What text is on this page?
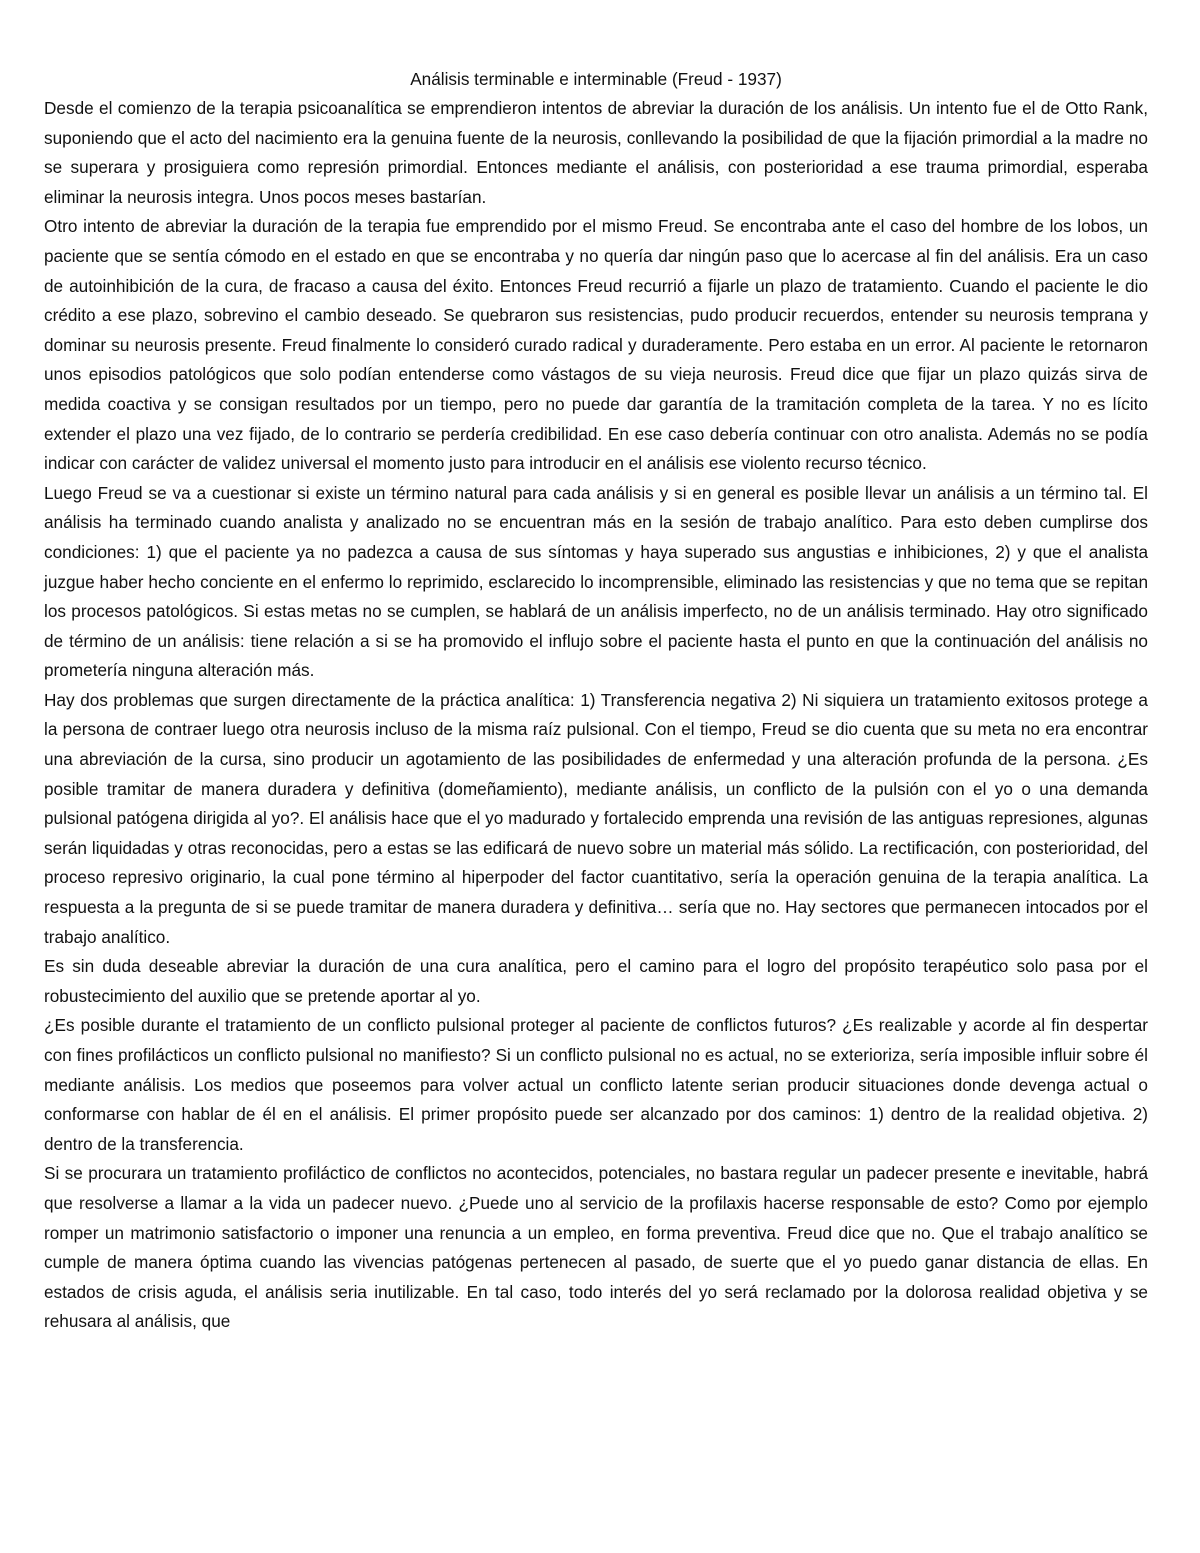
Análisis terminable e interminable (Freud - 1937)

Desde el comienzo de la terapia psicoanalítica se emprendieron intentos de abreviar la duración de los análisis. Un intento fue el de Otto Rank, suponiendo que el acto del nacimiento era la genuina fuente de la neurosis, conllevando la posibilidad de que la fijación primordial a la madre no se superara y prosiguiera como represión primordial. Entonces mediante el análisis, con posterioridad a ese trauma primordial, esperaba eliminar la neurosis integra. Unos pocos meses bastarían.

Otro intento de abreviar la duración de la terapia fue emprendido por el mismo Freud. Se encontraba ante el caso del hombre de los lobos, un paciente que se sentía cómodo en el estado en que se encontraba y no quería dar ningún paso que lo acercase al fin del análisis. Era un caso de autoinhibición de la cura, de fracaso a causa del éxito. Entonces Freud recurrió a fijarle un plazo de tratamiento. Cuando el paciente le dio crédito a ese plazo, sobrevino el cambio deseado. Se quebraron sus resistencias, pudo producir recuerdos, entender su neurosis temprana y dominar su neurosis presente. Freud finalmente lo consideró curado radical y duraderamente. Pero estaba en un error. Al paciente le retornaron unos episodios patológicos que solo podían entenderse como vástagos de su vieja neurosis. Freud dice que fijar un plazo quizás sirva de medida coactiva y se consigan resultados por un tiempo, pero no puede dar garantía de la tramitación completa de la tarea. Y no es lícito extender el plazo una vez fijado, de lo contrario se perdería credibilidad. En ese caso debería continuar con otro analista. Además no se podía indicar con carácter de validez universal el momento justo para introducir en el análisis ese violento recurso técnico.

Luego Freud se va a cuestionar si existe un término natural para cada análisis y si en general es posible llevar un análisis a un término tal. El análisis ha terminado cuando analista y analizado no se encuentran más en la sesión de trabajo analítico. Para esto deben cumplirse dos condiciones: 1) que el paciente ya no padezca a causa de sus síntomas y haya superado sus angustias e inhibiciones, 2) y que el analista juzgue haber hecho conciente en el enfermo lo reprimido, esclarecido lo incomprensible, eliminado las resistencias y que no tema que se repitan los procesos patológicos. Si estas metas no se cumplen, se hablará de un análisis imperfecto, no de un análisis terminado. Hay otro significado de término de un análisis: tiene relación a si se ha promovido el influjo sobre el paciente hasta el punto en que la continuación del análisis no prometería ninguna alteración más.

Hay dos problemas que surgen directamente de la práctica analítica: 1) Transferencia negativa 2) Ni siquiera un tratamiento exitosos protege a la persona de contraer luego otra neurosis incluso de la misma raíz pulsional. Con el tiempo, Freud se dio cuenta que su meta no era encontrar una abreviación de la cursa, sino producir un agotamiento de las posibilidades de enfermedad y una alteración profunda de la persona. ¿Es posible tramitar de manera duradera y definitiva (domeñamiento), mediante análisis, un conflicto de la pulsión con el yo o una demanda pulsional patógena dirigida al yo?. El análisis hace que el yo madurado y fortalecido emprenda una revisión de las antiguas represiones, algunas serán liquidadas y otras reconocidas, pero a estas se las edificará de nuevo sobre un material más sólido. La rectificación, con posterioridad, del proceso represivo originario, la cual pone término al hiperpoder del factor cuantitativo, sería la operación genuina de la terapia analítica. La respuesta a la pregunta de si se puede tramitar de manera duradera y definitiva… sería que no. Hay sectores que permanecen intocados por el trabajo analítico.

Es sin duda deseable abreviar la duración de una cura analítica, pero el camino para el logro del propósito terapéutico solo pasa por el robustecimiento del auxilio que se pretende aportar al yo.

¿Es posible durante el tratamiento de un conflicto pulsional proteger al paciente de conflictos futuros? ¿Es realizable y acorde al fin despertar con fines profilácticos un conflicto pulsional no manifiesto? Si un conflicto pulsional no es actual, no se exterioriza, sería imposible influir sobre él mediante análisis. Los medios que poseemos para volver actual un conflicto latente serian producir situaciones donde devenga actual o conformarse con hablar de él en el análisis. El primer propósito puede ser alcanzado por dos caminos: 1) dentro de la realidad objetiva. 2) dentro de la transferencia.

Si se procurara un tratamiento profiláctico de conflictos no acontecidos, potenciales, no bastara regular un padecer presente e inevitable, habrá que resolverse a llamar a la vida un padecer nuevo. ¿Puede uno al servicio de la profilaxis hacerse responsable de esto? Como por ejemplo romper un matrimonio satisfactorio o imponer una renuncia a un empleo, en forma preventiva. Freud dice que no. Que el trabajo analítico se cumple de manera óptima cuando las vivencias patógenas pertenecen al pasado, de suerte que el yo puedo ganar distancia de ellas. En estados de crisis aguda, el análisis seria inutilizable. En tal caso, todo interés del yo será reclamado por la dolorosa realidad objetiva y se rehusara al análisis, que
